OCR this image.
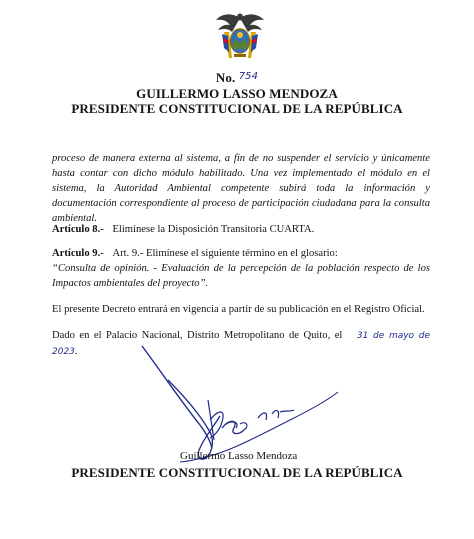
No. $^{754}$
GUILLERMO LASSO MENDOZA
PRESIDENTE CONSTITUCIONAL DE LA REPÚBLICA
proceso de manera externa al sistema, a fin de no suspender el servicio y únicamente hasta contar con dicho módulo habilitado. Una vez implementado el módulo en el sistema, la Autoridad Ambiental competente subirá toda la información y documentación correspondiente al proceso de participación ciudadana para la consulta ambiental.
Artículo 8.- Elimínese la Disposición Transitoria CUARTA.
Artículo 9.- Art. 9.- Elimínese el siguiente término en el glosario:
“Consulta de opinión. - Evaluación de la percepción de la población respecto de los Impactos ambientales del proyecto”.
El presente Decreto entrará en vigencia a partir de su publicación en el Registro Oficial.
Dado en el Palacio Nacional, Distrito Metropolitano de Quito, el 31 de mayo de 2023.
Guillermo Lasso Mendoza
PRESIDENTE CONSTITUCIONAL DE LA REPÚBLICA
